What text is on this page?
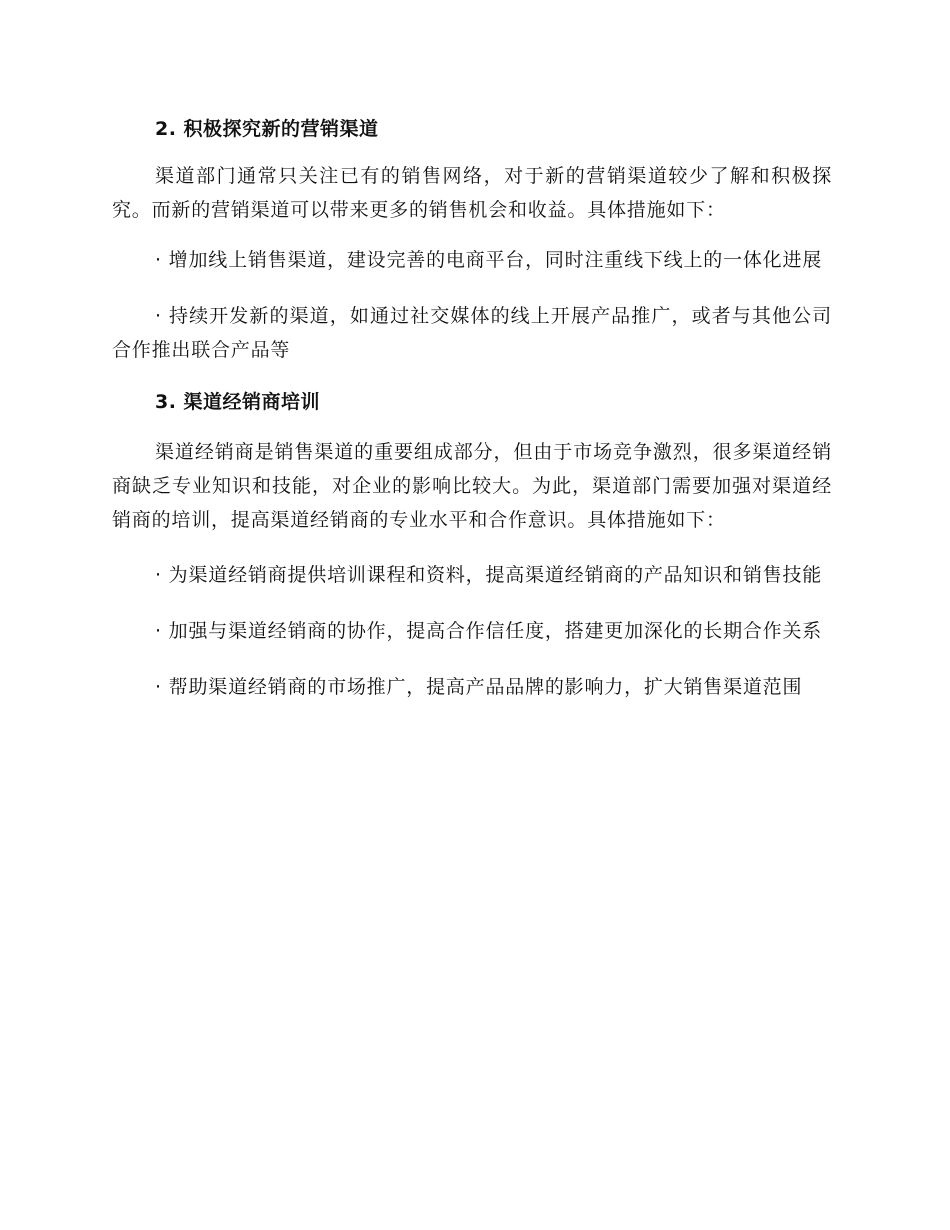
2. 积极探究新的营销渠道

渠道部门通常只关注已有的销售网络，对于新的营销渠道较少了解和积极探究。而新的营销渠道可以带来更多的销售机会和收益。具体措施如下：

· 增加线上销售渠道，建设完善的电商平台，同时注重线下线上的一体化进展

· 持续开发新的渠道，如通过社交媒体的线上开展产品推广，或者与其他公司合作推出联合产品等

3. 渠道经销商培训

渠道经销商是销售渠道的重要组成部分，但由于市场竞争激烈，很多渠道经销商缺乏专业知识和技能，对企业的影响比较大。为此，渠道部门需要加强对渠道经销商的培训，提高渠道经销商的专业水平和合作意识。具体措施如下：

· 为渠道经销商提供培训课程和资料，提高渠道经销商的产品知识和销售技能

· 加强与渠道经销商的协作，提高合作信任度，搭建更加深化的长期合作关系

· 帮助渠道经销商的市场推广，提高产品品牌的影响力，扩大销售渠道范围
